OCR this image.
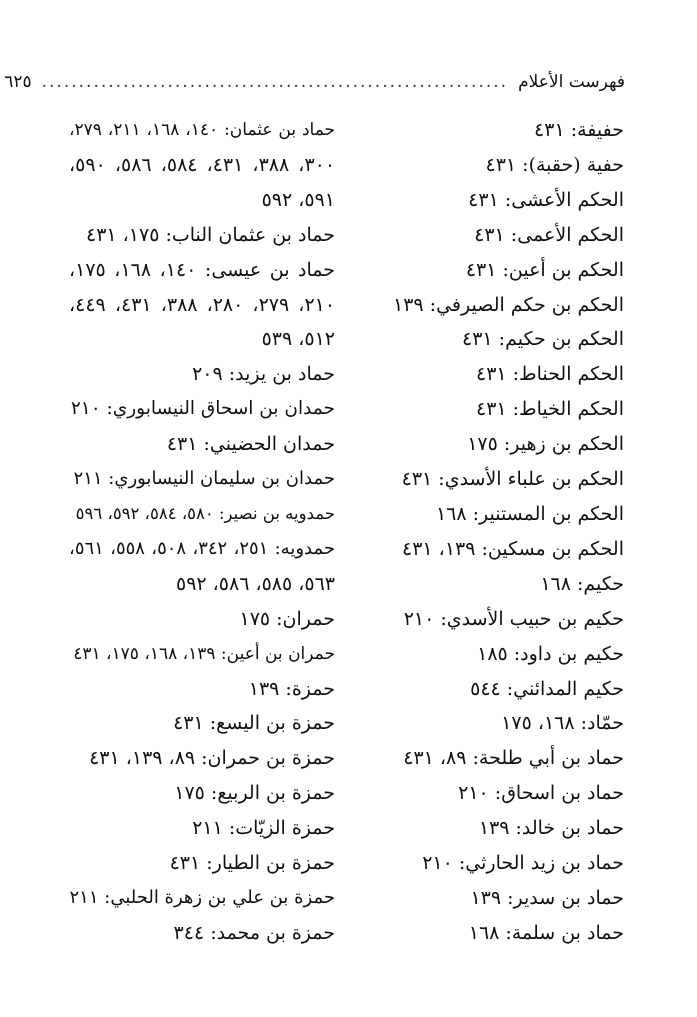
فهرست الأعلام
...............................................................
٦٢٥
حفيفة: ٤٣١
حفية (حقبة): ٤٣١
الحكم الأعشى: ٤٣١
الحكم الأعمى: ٤٣١
الحكم بن أعين: ٤٣١
الحكم بن حكم الصيرفي: ١٣٩
الحكم بن حكيم: ٤٣١
الحكم الحناط: ٤٣١
الحكم الخياط: ٤٣١
الحكم بن زهير: ١٧٥
الحكم بن علباء الأسدي: ٤٣١
الحكم بن المستنير: ١٦٨
الحكم بن مسكين: ١٣٩، ٤٣١
حكيم: ١٦٨
حكيم بن حبيب الأسدي: ٢١٠
حكيم بن داود: ١٨٥
حكيم المدائني: ٥٤٤
حمّاد: ١٦٨، ١٧٥
حماد بن أبي طلحة: ٨٩، ٤٣١
حماد بن اسحاق: ٢١٠
حماد بن خالد: ١٣٩
حماد بن زيد الحارثي: ٢١٠
حماد بن سدير: ١٣٩
حماد بن سلمة: ١٦٨
حماد بن عثمان: ١٤٠، ١٦٨، ٢١١، ٢٧٩،
٣٠٠، ٣٨٨، ٤٣١، ٥٨٤، ٥٨٦، ٥٩٠،
٥٩١، ٥٩٢
حماد بن عثمان الناب: ١٧٥، ٤٣١
حماد بن عيسى: ١٤٠، ١٦٨، ١٧٥،
٢١٠، ٢٧٩، ٢٨٠، ٣٨٨، ٤٣١، ٤٤٩،
٥١٢، ٥٣٩
حماد بن يزيد: ٢٠٩
حمدان بن اسحاق النيسابوري: ٢١٠
حمدان الحضيني: ٤٣١
حمدان بن سليمان النيسابوري: ٢١١
حمدويه بن نصير: ٥٨٠، ٥٨٤، ٥٩٢، ٥٩٦
حمدويه: ٢٥١، ٣٤٢، ٥٠٨، ٥٥٨، ٥٦١،
٥٦٣، ٥٨٥، ٥٨٦، ٥٩٢
حمران: ١٧٥
حمران بن أعين: ١٣٩، ١٦٨، ١٧٥، ٤٣١
حمزة: ١٣٩
حمزة بن اليسع: ٤٣١
حمزة بن حمران: ٨٩، ١٣٩، ٤٣١
حمزة بن الربيع: ١٧٥
حمزة الزيّات: ٢١١
حمزة بن الطيار: ٤٣١
حمزة بن علي بن زهرة الحلبي: ٢١١
حمزة بن محمد: ٣٤٤
